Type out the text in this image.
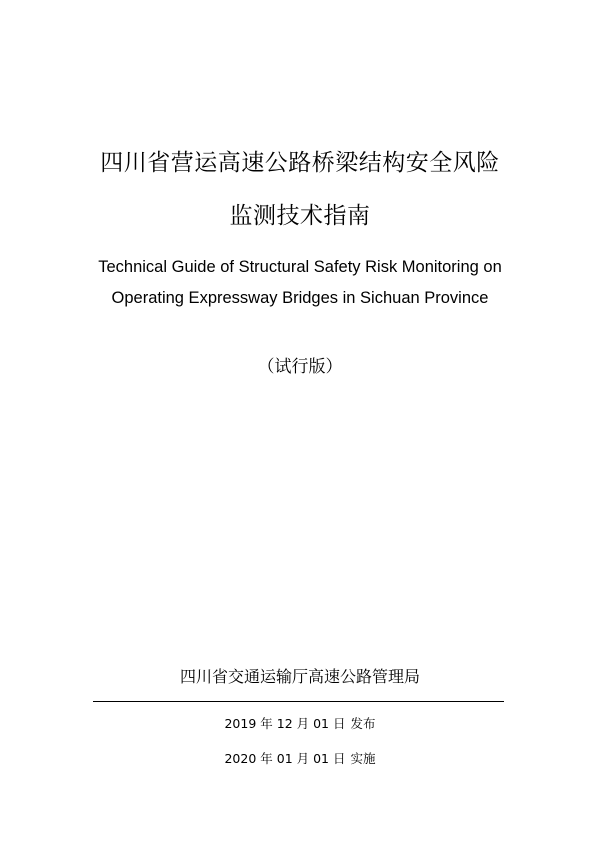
四川省营运高速公路桥梁结构安全风险
监测技术指南
Technical Guide of Structural Safety Risk Monitoring on
Operating Expressway Bridges in Sichuan Province
（试行版）
四川省交通运输厅高速公路管理局
2019 年 12 月 01 日 发布
2020 年 01 月 01 日 实施
